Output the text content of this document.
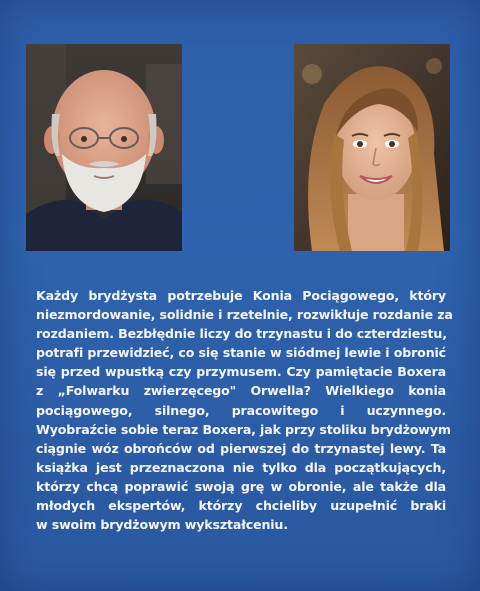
Każdy brydżysta potrzebuje Konia Pociągowego, który
niezmordowanie, solidnie i rzetelnie, rozwikłuje rozdanie za
rozdaniem. Bezbłędnie liczy do trzynastu i do czterdziestu,
potrafi przewidzieć, co się stanie w siódmej lewie i obronić
się przed wpustką czy przymusem. Czy pamiętacie Boxera
z „Folwarku zwierzęcego" Orwella? Wielkiego konia
pociągowego, silnego, pracowitego i uczynnego.
Wyobraźcie sobie teraz Boxera, jak przy stoliku brydżowym
ciągnie wóz obrońców od pierwszej do trzynastej lewy. Ta
książka jest przeznaczona nie tylko dla początkujących,
którzy chcą poprawić swoją grę w obronie, ale także dla
młodych ekspertów, którzy chcieliby uzupełnić braki
w swoim brydżowym wykształceniu.
